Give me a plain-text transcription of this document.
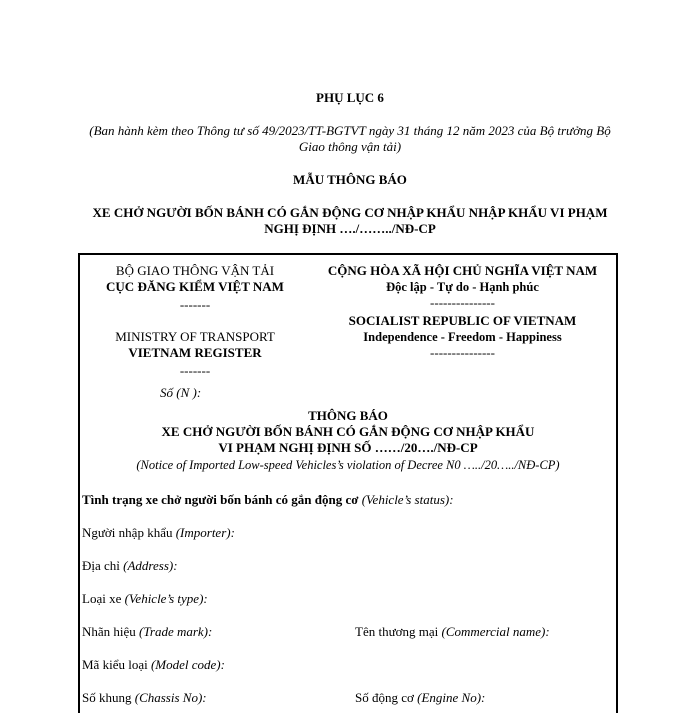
PHỤ LỤC 6
(Ban hành kèm theo Thông tư số 49/2023/TT-BGTVT ngày 31 tháng 12 năm 2023 của Bộ trưởng Bộ Giao thông vận tải)
MẪU THÔNG BÁO
XE CHỞ NGƯỜI BỐN BÁNH CÓ GẮN ĐỘNG CƠ NHẬP KHẨU NHẬP KHẨU VI PHẠM NGHỊ ĐỊNH …./……../NĐ-CP
BỘ GIAO THÔNG VẬN TẢI
CỤC ĐĂNG KIỂM VIỆT NAM
-------
MINISTRY OF TRANSPORT
VIETNAM REGISTER
-------
Số (N ):
CỘNG HÒA XÃ HỘI CHỦ NGHĨA VIỆT NAM
Độc lập - Tự do - Hạnh phúc
---------------
SOCIALIST REPUBLIC OF VIETNAM
Independence - Freedom - Happiness
---------------
THÔNG BÁO
XE CHỞ NGƯỜI BỐN BÁNH CÓ GẮN ĐỘNG CƠ NHẬP KHẨU
VI PHẠM NGHỊ ĐỊNH SỐ ……/20…./NĐ-CP
(Notice of Imported Low-speed Vehicles’s violation of Decree N0 …../20…../NĐ-CP)
Tình trạng xe chở người bốn bánh có gắn động cơ (Vehicle’s status):
Người nhập khẩu (Importer):
Địa chỉ (Address):
Loại xe (Vehicle’s type):
Nhãn hiệu (Trade mark):	Tên thương mại (Commercial name):
Mã kiểu loại (Model code):
Số khung (Chassis No):	Số động cơ (Engine No):
